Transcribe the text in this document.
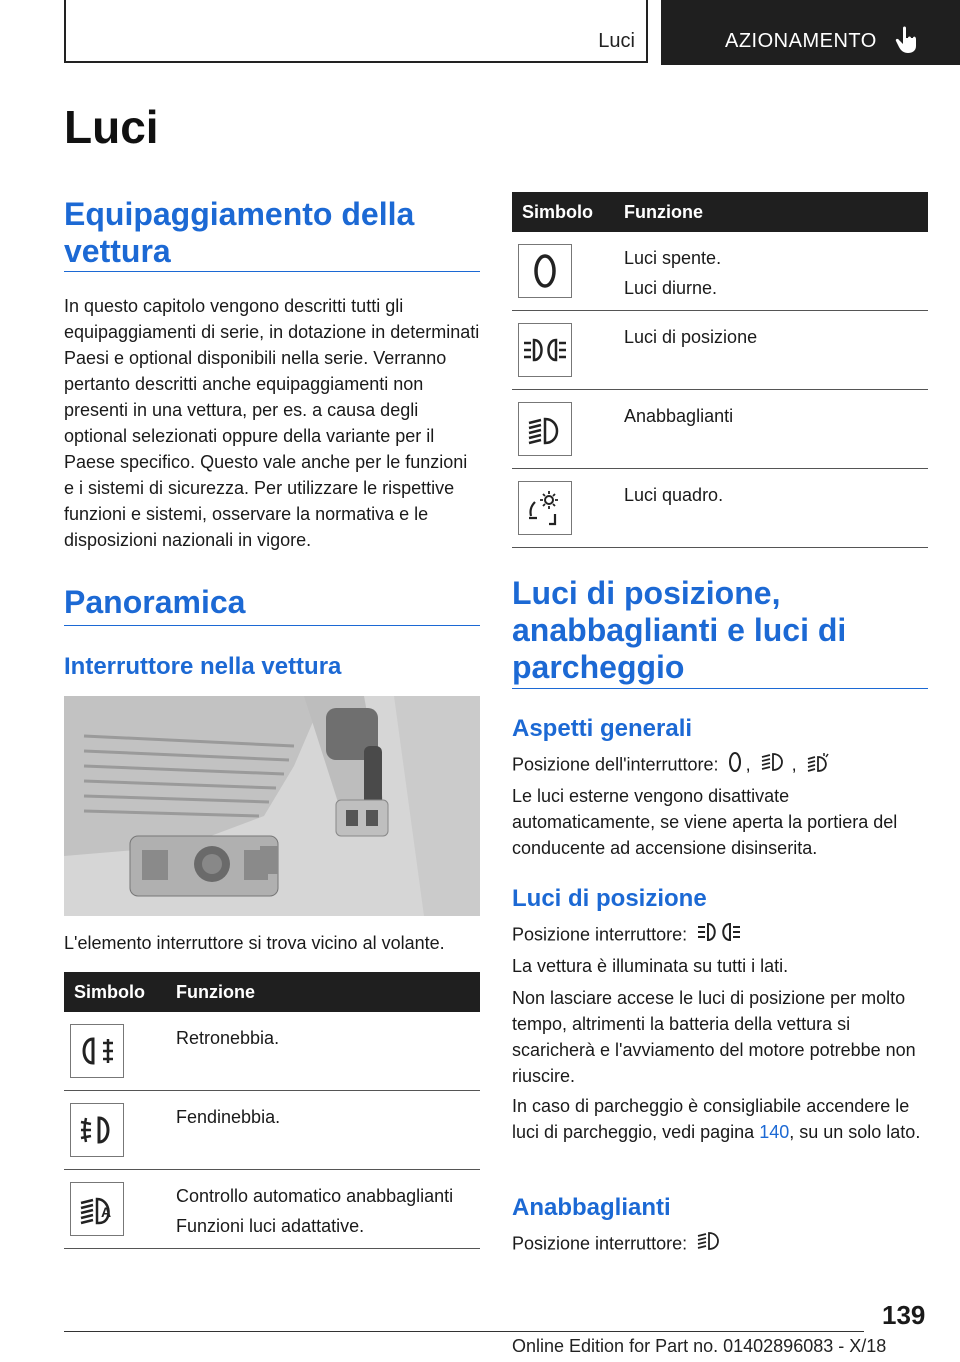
Luci	AZIONAMENTO
Luci
Equipaggiamento della vettura

In questo capitolo vengono descritti tutti gli equipaggiamenti di serie, in dotazione in determinati Paesi e optional disponibili nella serie. Verranno pertanto descritti anche equipaggiamenti non presenti in una vettura, per es. a causa degli optional selezionati oppure della variante per il Paese specifico. Questo vale anche per le funzioni e i sistemi di sicurezza. Per utilizzare le rispettive funzioni e sistemi, osservare la normativa e le disposizioni nazionali in vigore.

Panoramica
Interruttore nella vettura

L'elemento interruttore si trova vicino al volante.

Simbolo	Funzione

Retronebbia.

Fendinebbia.

A	Controllo automatico anabbaglianti
Funzioni luci adattative.
Simbolo	Funzione

Luci spente.
Luci diurne.

Luci di posizione

Anabbaglianti

Luci quadro.
Luci di posizione, anabbaglianti e luci di parcheggio
Aspetti generali

Posizione dell'interruttore: , ,

Le luci esterne vengono disattivate automaticamente, se viene aperta la portiera del conducente ad accensione disinserita.

Luci di posizione

Posizione interruttore:

La vettura è illuminata su tutti i lati.

Non lasciare accese le luci di posizione per molto tempo, altrimenti la batteria della vettura si scaricherà e l'avviamento del motore potrebbe non riuscire.

In caso di parcheggio è consigliabile accendere le luci di parcheggio, vedi pagina 140, su un solo lato.

Anabbaglianti

Posizione interruttore:

139
Online Edition for Part no. 01402896083 - X/18
